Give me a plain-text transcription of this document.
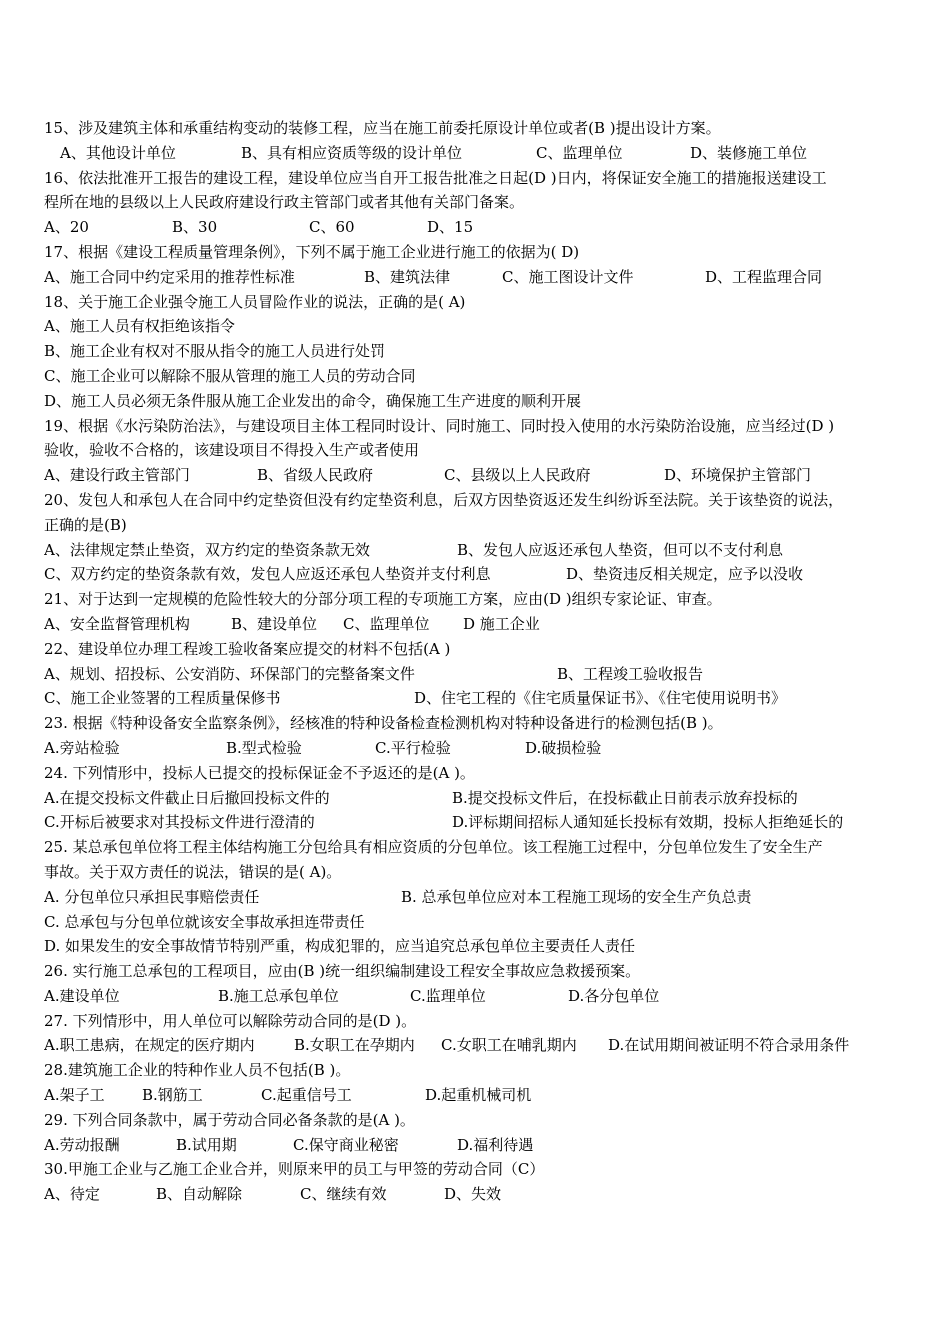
15、涉及建筑主体和承重结构变动的装修工程，应当在施工前委托原设计单位或者(B )提出设计方案。
A、其他设计单位	B、具有相应资质等级的设计单位	C、监理单位	D、装修施工单位
16、依法批准开工报告的建设工程，建设单位应当自开工报告批准之日起(D )日内，将保证安全施工的措施报送建设工
程所在地的县级以上人民政府建设行政主管部门或者其他有关部门备案。
A、20	B、30	C、60	D、15
17、根据《建设工程质量管理条例》，下列不属于施工企业进行施工的依据为( D)
A、施工合同中约定采用的推荐性标准	B、建筑法律	C、施工图设计文件	D、工程监理合同
18、关于施工企业强令施工人员冒险作业的说法，正确的是( A)
A、施工人员有权拒绝该指令
B、施工企业有权对不服从指令的施工人员进行处罚
C、施工企业可以解除不服从管理的施工人员的劳动合同
D、施工人员必须无条件服从施工企业发出的命令，确保施工生产进度的顺利开展
19、根据《水污染防治法》，与建设项目主体工程同时设计、同时施工、同时投入使用的水污染防治设施，应当经过(D )
验收，验收不合格的，该建设项目不得投入生产或者使用
A、建设行政主管部门	B、省级人民政府	C、县级以上人民政府	D、环境保护主管部门
20、发包人和承包人在合同中约定垫资但没有约定垫资利息，后双方因垫资返还发生纠纷诉至法院。关于该垫资的说法，
正确的是(B)
A、法律规定禁止垫资，双方约定的垫资条款无效	B、发包人应返还承包人垫资，但可以不支付利息
C、双方约定的垫资条款有效，发包人应返还承包人垫资并支付利息	D、垫资违反相关规定，应予以没收
21、对于达到一定规模的危险性较大的分部分项工程的专项施工方案，应由(D )组织专家论证、审查。
A、安全监督管理机构	B、建设单位 C、监理单位 D 施工企业
22、建设单位办理工程竣工验收备案应提交的材料不包括(A )
A、规划、招投标、公安消防、环保部门的完整备案文件	B、工程竣工验收报告
C、施工企业签署的工程质量保修书	D、住宅工程的《住宅质量保证书》、《住宅使用说明书》
23. 根据《特种设备安全监察条例》，经核准的特种设备检查检测机构对特种设备进行的检测包括(B )。
A.旁站检验	B.型式检验	C.平行检验	D.破损检验
24. 下列情形中，投标人已提交的投标保证金不予返还的是(A )。
A.在提交投标文件截止日后撤回投标文件的	B.提交投标文件后，在投标截止日前表示放弃投标的
C.开标后被要求对其投标文件进行澄清的	D.评标期间招标人通知延长投标有效期，投标人拒绝延长的
25. 某总承包单位将工程主体结构施工分包给具有相应资质的分包单位。该工程施工过程中，分包单位发生了安全生产
事故。关于双方责任的说法，错误的是( A)。
A. 分包单位只承担民事赔偿责任	B. 总承包单位应对本工程施工现场的安全生产负总责
C. 总承包与分包单位就该安全事故承担连带责任
D. 如果发生的安全事故情节特别严重，构成犯罪的，应当追究总承包单位主要责任人责任
26. 实行施工总承包的工程项目，应由(B )统一组织编制建设工程安全事故应急救援预案。
A.建设单位	B.施工总承包单位	C.监理单位	D.各分包单位
27. 下列情形中，用人单位可以解除劳动合同的是(D )。
A.职工患病，在规定的医疗期内	B.女职工在孕期内 C.女职工在哺乳期内 D.在试用期间被证明不符合录用条件
28.建筑施工企业的特种作业人员不包括(B )。
A.架子工 B.钢筋工	C.起重信号工	D.起重机械司机
29. 下列合同条款中，属于劳动合同必备条款的是(A )。
A.劳动报酬	B.试用期	C.保守商业秘密	D.福利待遇
30.甲施工企业与乙施工企业合并，则原来甲的员工与甲签的劳动合同（C）
A、待定	B、自动解除	C、继续有效	D、失效
